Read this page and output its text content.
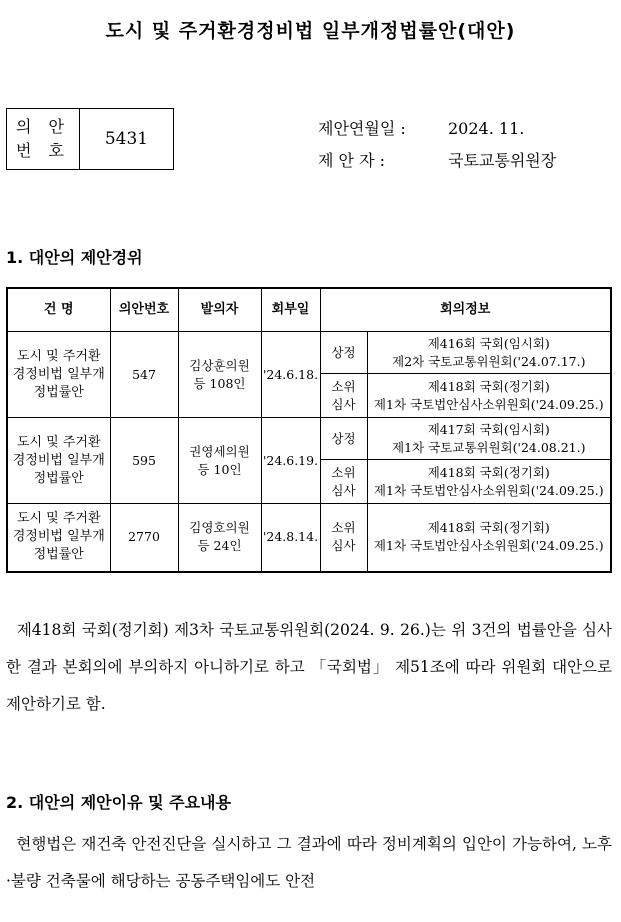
도시 및 주거환경정비법 일부개정법률안(대안)
의 안
번 호
5431
제안연월일 :	2024. 11.
제 안 자 :	국토교통위원장
1. 대안의 제안경위
건 명	의안번호	발의자	회부일	회의정보	
도시 및 주거환경정비법 일부개정법률안	547	김상훈의원 등 108인	'24.6.18.	상정	제416회 국회(임시회)
제2차 국토교통위원회('24.07.17.)

				소위 심사	제418회 국회(정기회)
제1차 국토법안심사소위원회('24.09.25.)

도시 및 주거환경정비법 일부개정법률안	595	권영세의원 등 10인	'24.6.19.	상정	제417회 국회(임시회)
제1차 국토교통위원회('24.08.21.)

				소위 심사	제418회 국회(정기회)
제1차 국토법안심사소위원회('24.09.25.)

도시 및 주거환경정비법 일부개정법률안	2770	김영호의원 등 24인	'24.8.14.	소위 심사	제418회 국회(정기회)
제1차 국토법안심사소위원회('24.09.25.)

제418회 국회(정기회) 제3차 국토교통위원회(2024. 9. 26.)는 위 3건의 법률안을 심사한 결과 본회의에 부의하지 아니하기로 하고 「국회법」 제51조에 따라 위원회 대안으로 제안하기로 함.

2. 대안의 제안이유 및 주요내용

현행법은 재건축 안전진단을 실시하고 그 결과에 따라 정비계획의 입안이 가능하여, 노후·불량 건축물에 해당하는 공동주택임에도 안전
